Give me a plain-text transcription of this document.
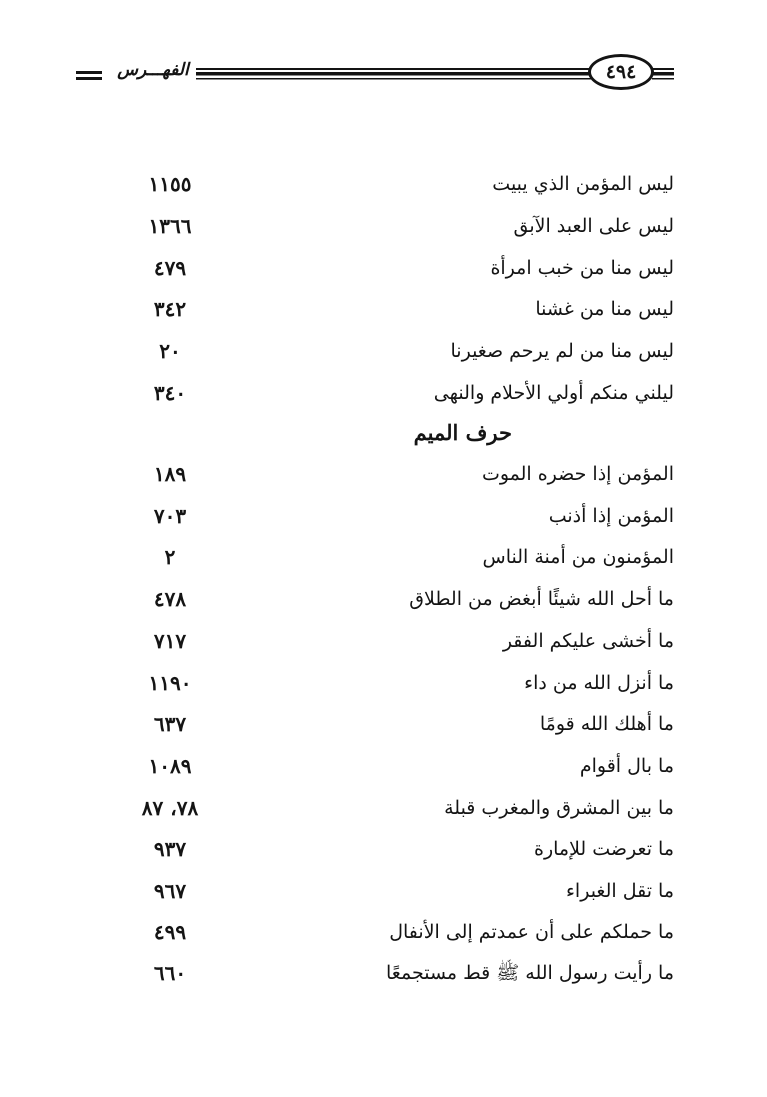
الفهـــرس	٤٩٤
ليس المؤمن الذي يبيت
١١٥٥
ليس على العبد الآبق
١٣٦٦
ليس منا من خبب امرأة
٤٧٩
ليس منا من غشنا
٣٤٢
ليس منا من لم يرحم صغيرنا
٢٠
ليلني منكم أولي الأحلام والنهى
٣٤٠
حرف الميم
المؤمن إذا حضره الموت
١٨٩
المؤمن إذا أذنب
٧٠٣
المؤمنون من أمنة الناس
٢
ما أحل الله شيئًا أبغض من الطلاق
٤٧٨
ما أخشى عليكم الفقر
٧١٧
ما أنزل الله من داء
١١٩٠
ما أهلك الله قومًا
٦٣٧
ما بال أقوام
١٠٨٩
ما بين المشرق والمغرب قبلة
٧٨، ٨٧
ما تعرضت للإمارة
٩٣٧
ما تقل الغبراء
٩٦٧
ما حملكم على أن عمدتم إلى الأنفال
٤٩٩
ما رأيت رسول الله ﷺ قط مستجمعًا
٦٦٠
